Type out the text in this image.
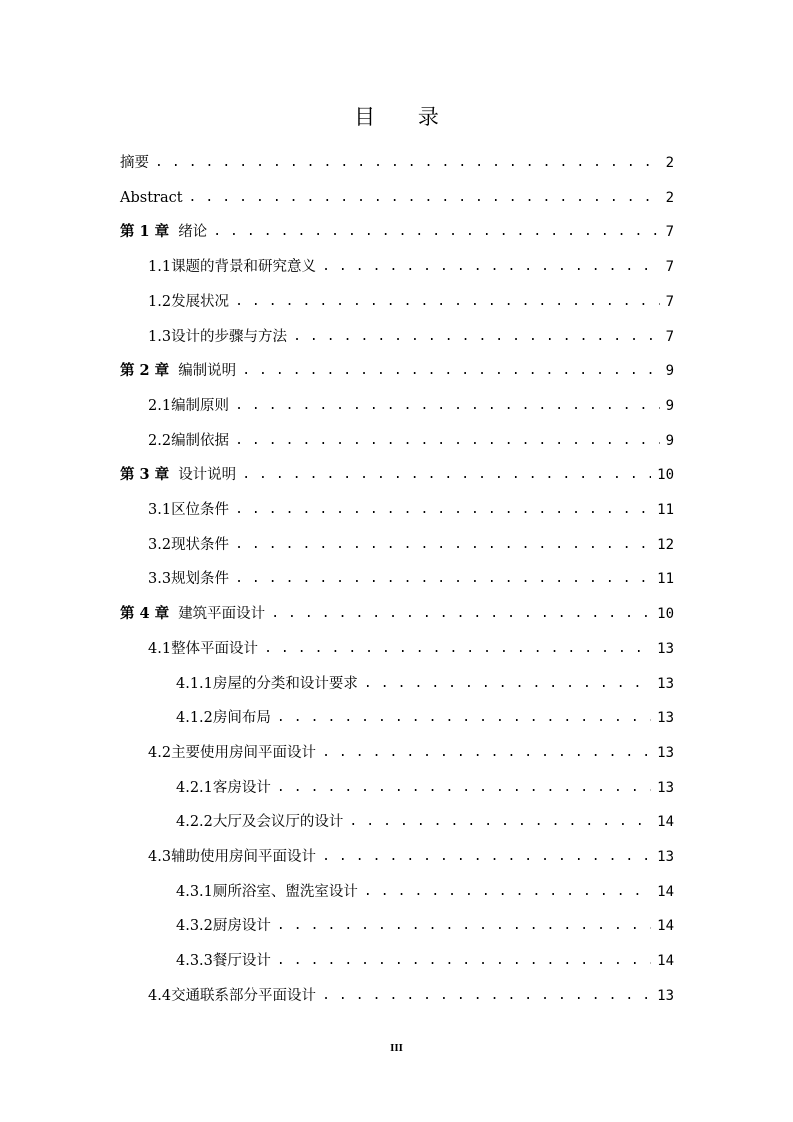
目 录
摘要 . . .	2
Abstract . . .	2
第 1 章 绪论 . . .	7
1.1课题的背景和研究意义 . . .	7
1.2发展状况 . . .	7
1.3设计的步骤与方法 . . .	7
第 2 章 编制说明 . . .	9
2.1编制原则 . . .	9
2.2编制依据 . . .	9
第 3 章 设计说明 . . .	10
3.1区位条件 . . .	11
3.2现状条件 . . .	12
3.3规划条件 . . .	11
第 4 章 建筑平面设计 . . .	10
4.1整体平面设计 . . .	13
4.1.1房屋的分类和设计要求 . . .	13
4.1.2房间布局 . . .	13
4.2主要使用房间平面设计 . . .	13
4.2.1客房设计 . . .	13
4.2.2大厅及会议厅的设计 . . .	14
4.3辅助使用房间平面设计 . . .	13
4.3.1厕所浴室、盥洗室设计 . . .	14
4.3.2厨房设计 . . .	14
4.3.3餐厅设计 . . .	14
4.4交通联系部分平面设计 . . .	13
III
